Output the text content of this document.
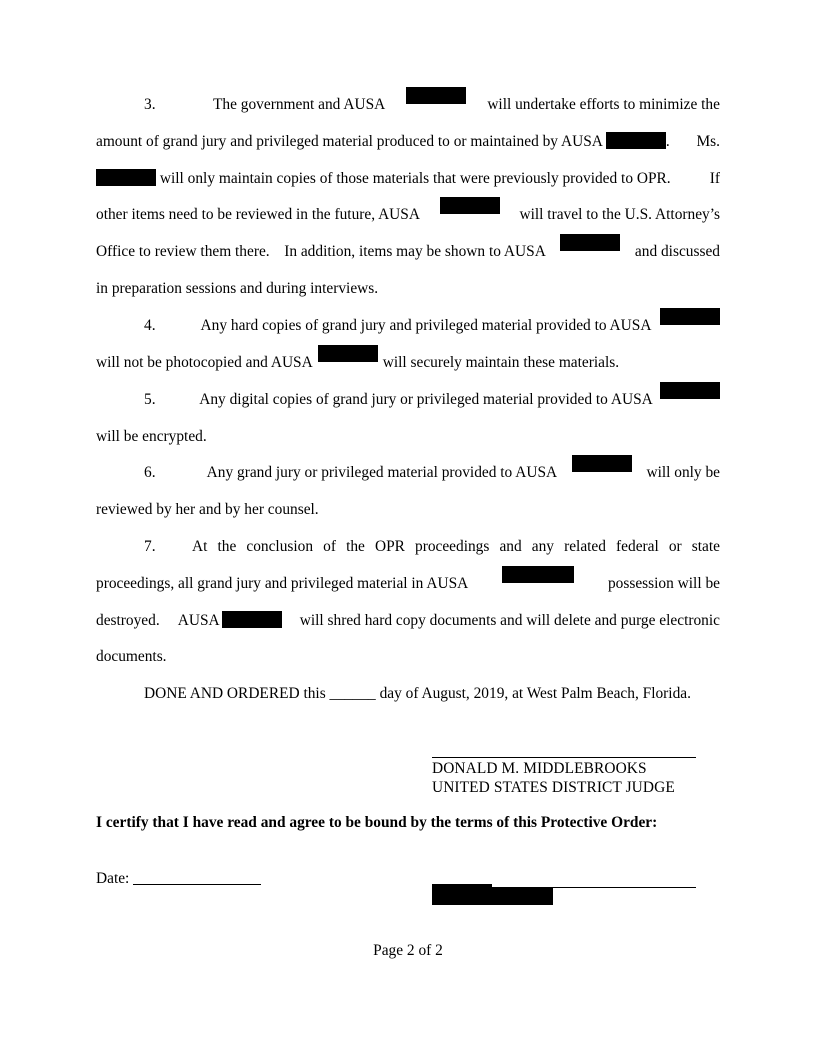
3.	The government and AUSA	will undertake efforts to minimize the
amount of grand jury and privileged material produced to or maintained by AUSA	. Ms.
will only maintain copies of those materials that were previously provided to OPR.	If
other items need to be reviewed in the future, AUSA	will travel to the U.S. Attorney’s
Office to review them there. In addition, items may be shown to AUSA	and discussed
in preparation sessions and during interviews.
4.	Any hard copies of grand jury and privileged material provided to AUSA
will not be photocopied and AUSA	will securely maintain these materials.
5.	Any digital copies of grand jury or privileged material provided to AUSA
will be encrypted.
6.	Any grand jury or privileged material provided to AUSA	will only be
reviewed by her and by her counsel.
7.	At the conclusion of the OPR proceedings and any related federal or state
proceedings, all grand jury and privileged material in AUSA	possession will be
destroyed. AUSA	will shred hard copy documents and will delete and purge electronic
documents.
DONE AND ORDERED this ______ day of August, 2019, at West Palm Beach, Florida.
DONALD M. MIDDLEBROOKS
UNITED STATES DISTRICT JUDGE
I certify that I have read and agree to be bound by the terms of this Protective Order:
Date:
Page 2 of 2
